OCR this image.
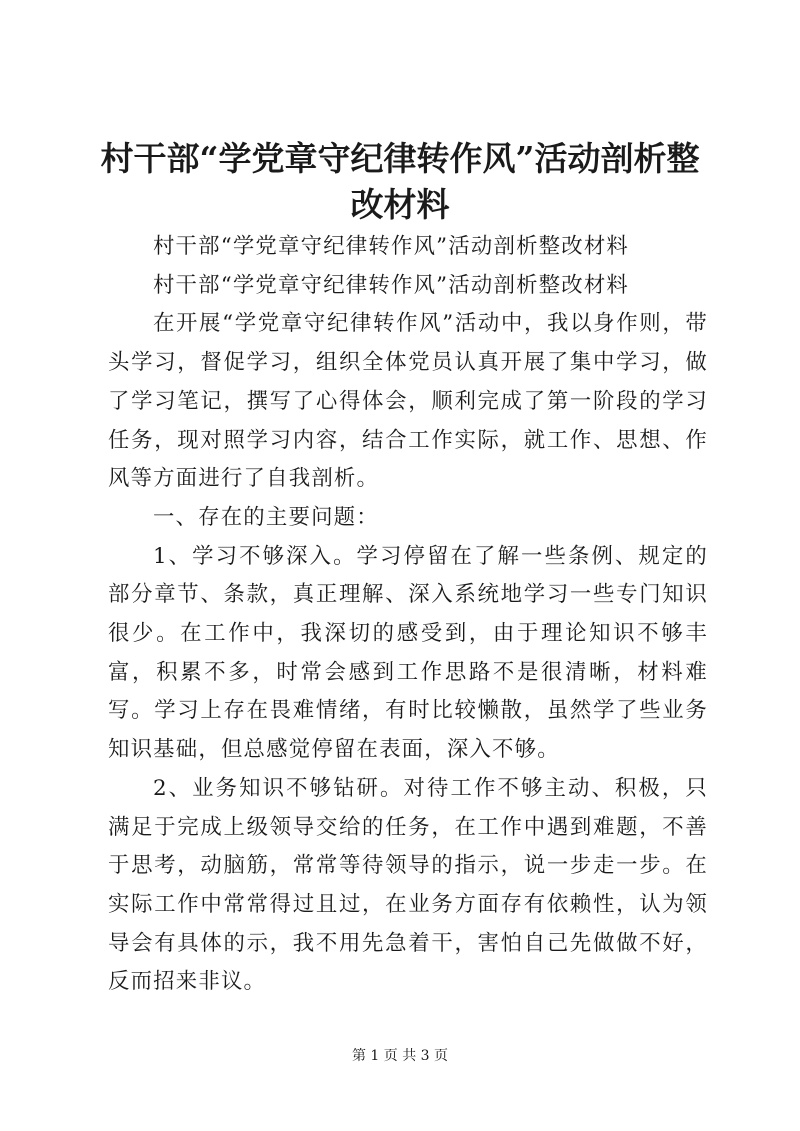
村干部“学党章守纪律转作风”活动剖析整改材料

村干部“学党章守纪律转作风”活动剖析整改材料

村干部“学党章守纪律转作风”活动剖析整改材料

在开展“学党章守纪律转作风”活动中，我以身作则，带头学习，督促学习，组织全体党员认真开展了集中学习，做了学习笔记，撰写了心得体会，顺利完成了第一阶段的学习任务，现对照学习内容，结合工作实际，就工作、思想、作风等方面进行了自我剖析。

一、存在的主要问题：

1、学习不够深入。学习停留在了解一些条例、规定的部分章节、条款，真正理解、深入系统地学习一些专门知识很少。在工作中，我深切的感受到，由于理论知识不够丰富，积累不多，时常会感到工作思路不是很清晰，材料难写。学习上存在畏难情绪，有时比较懒散，虽然学了些业务知识基础，但总感觉停留在表面，深入不够。

2、业务知识不够钻研。对待工作不够主动、积极，只满足于完成上级领导交给的任务，在工作中遇到难题，不善于思考，动脑筋，常常等待领导的指示，说一步走一步。在实际工作中常常得过且过，在业务方面存有依赖性，认为领导会有具体的示，我不用先急着干，害怕自己先做做不好，反而招来非议。

第 1 页 共 3 页
